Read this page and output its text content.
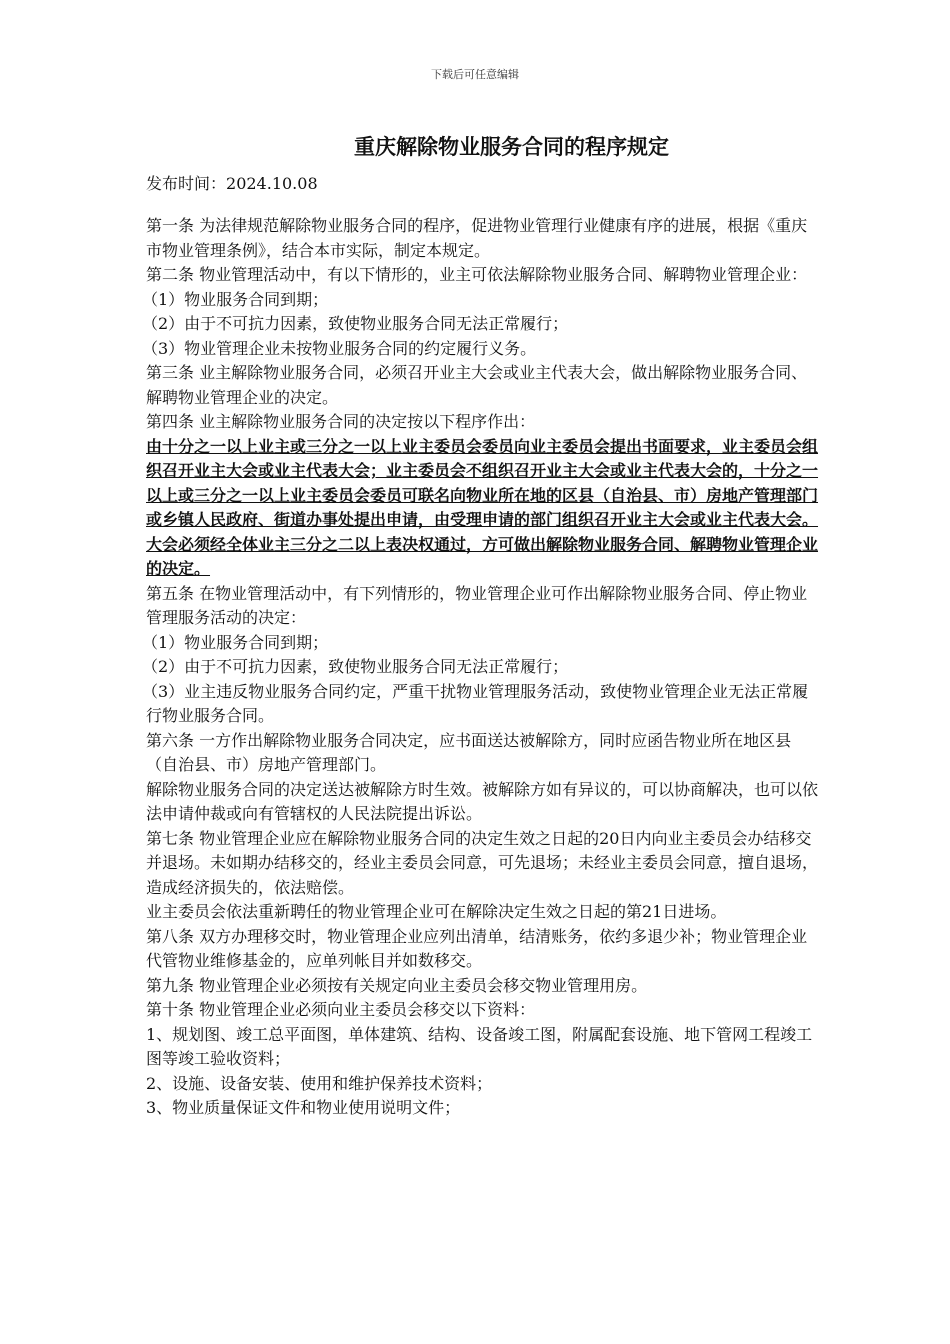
下载后可任意编辑
重庆解除物业服务合同的程序规定
发布时间：2024.10.08

第一条 为法律规范解除物业服务合同的程序，促进物业管理行业健康有序的进展，根据《重庆市物业管理条例》，结合本市实际，制定本规定。

第二条 物业管理活动中，有以下情形的，业主可依法解除物业服务合同、解聘物业管理企业：

（1）物业服务合同到期；

（2）由于不可抗力因素，致使物业服务合同无法正常履行；

（3）物业管理企业未按物业服务合同的约定履行义务。

第三条 业主解除物业服务合同，必须召开业主大会或业主代表大会，做出解除物业服务合同、解聘物业管理企业的决定。

第四条 业主解除物业服务合同的决定按以下程序作出：

由十分之一以上业主或三分之一以上业主委员会委员向业主委员会提出书面要求，业主委员会组织召开业主大会或业主代表大会；业主委员会不组织召开业主大会或业主代表大会的，十分之一以上或三分之一以上业主委员会委员可联名向物业所在地的区县（自治县、市）房地产管理部门或乡镇人民政府、街道办事处提出申请，由受理申请的部门组织召开业主大会或业主代表大会。

大会必须经全体业主三分之二以上表决权通过，方可做出解除物业服务合同、解聘物业管理企业的决定。

第五条 在物业管理活动中，有下列情形的，物业管理企业可作出解除物业服务合同、停止物业管理服务活动的决定：

（1）物业服务合同到期；

（2）由于不可抗力因素，致使物业服务合同无法正常履行；

（3）业主违反物业服务合同约定，严重干扰物业管理服务活动，致使物业管理企业无法正常履行物业服务合同。

第六条 一方作出解除物业服务合同决定，应书面送达被解除方，同时应函告物业所在地区县（自治县、市）房地产管理部门。

解除物业服务合同的决定送达被解除方时生效。被解除方如有异议的，可以协商解决，也可以依法申请仲裁或向有管辖权的人民法院提出诉讼。

第七条 物业管理企业应在解除物业服务合同的决定生效之日起的20日内向业主委员会办结移交并退场。未如期办结移交的，经业主委员会同意，可先退场；未经业主委员会同意，擅自退场，造成经济损失的，依法赔偿。

业主委员会依法重新聘任的物业管理企业可在解除决定生效之日起的第21日进场。

第八条 双方办理移交时，物业管理企业应列出清单，结清账务，依约多退少补；物业管理企业代管物业维修基金的，应单列帐目并如数移交。

第九条 物业管理企业必须按有关规定向业主委员会移交物业管理用房。

第十条 物业管理企业必须向业主委员会移交以下资料：

1、规划图、竣工总平面图，单体建筑、结构、设备竣工图，附属配套设施、地下管网工程竣工图等竣工验收资料；

2、设施、设备安装、使用和维护保养技术资料；

3、物业质量保证文件和物业使用说明文件；
